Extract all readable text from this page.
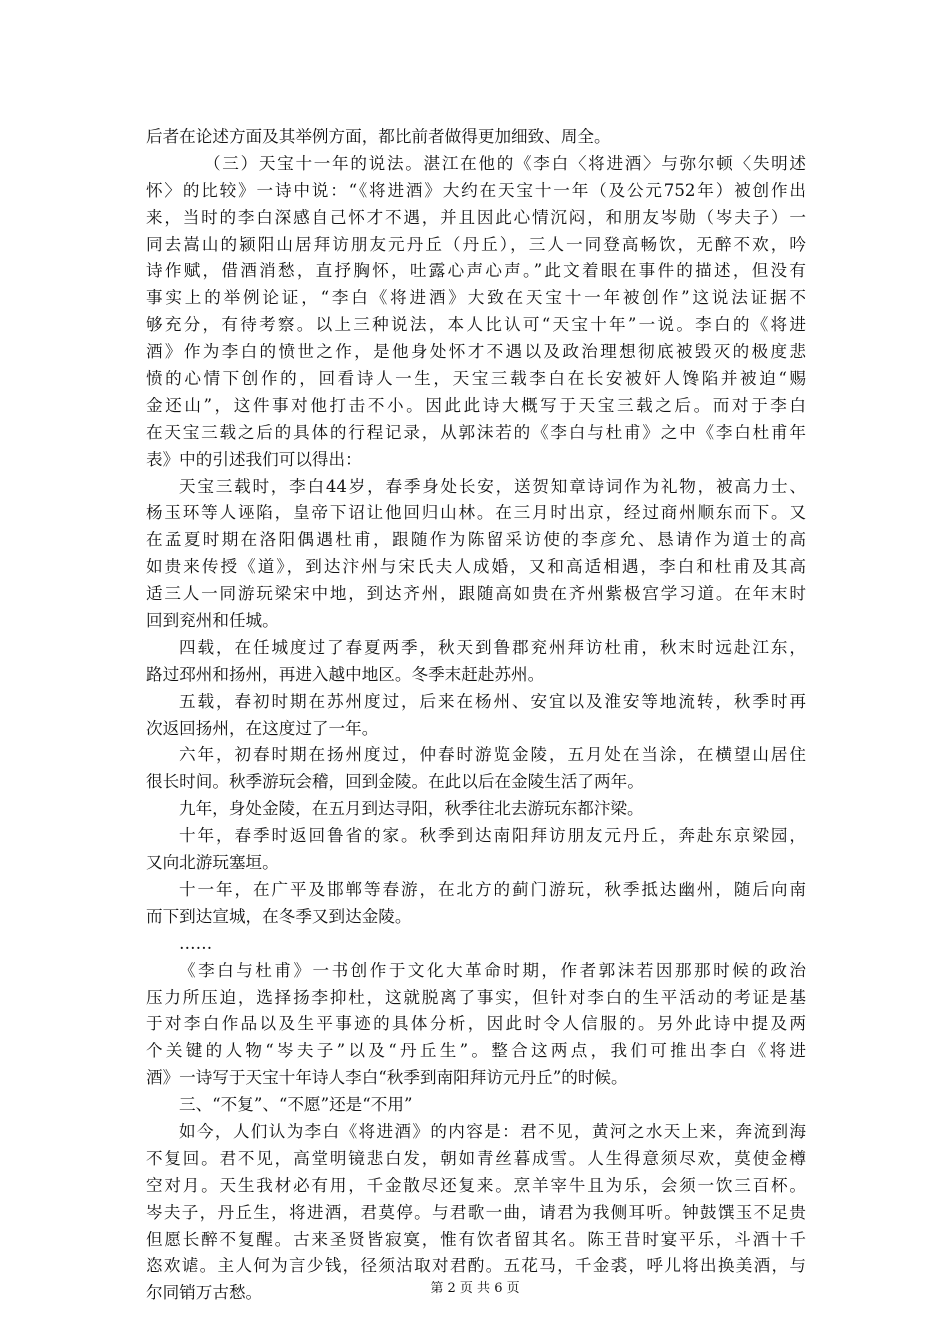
后者在论述方面及其举例方面，都比前者做得更加细致、周全。
（三）天宝十一年的说法。湛江在他的《李白〈将进酒〉与弥尔顿〈失明述
怀〉的比较》一诗中说：“《将进酒》大约在天宝十一年（及公元752年）被创作出
来，当时的李白深感自己怀才不遇，并且因此心情沉闷，和朋友岑勋（岑夫子）一
同去嵩山的颍阳山居拜访朋友元丹丘（丹丘），三人一同登高畅饮，无醉不欢，吟
诗作赋，借酒消愁，直抒胸怀，吐露心声心声。”此文着眼在事件的描述，但没有
事实上的举例论证，“李白《将进酒》大致在天宝十一年被创作”这说法证据不
够充分，有待考察。以上三种说法，本人比认可“天宝十年”一说。李白的《将进
酒》作为李白的愤世之作，是他身处怀才不遇以及政治理想彻底被毁灭的极度悲
愤的心情下创作的，回看诗人一生，天宝三载李白在长安被奸人馋陷并被迫“赐
金还山”，这件事对他打击不小。因此此诗大概写于天宝三载之后。而对于李白
在天宝三载之后的具体的行程记录，从郭沫若的《李白与杜甫》之中《李白杜甫年
表》中的引述我们可以得出：
天宝三载时，李白44岁，春季身处长安，送贺知章诗词作为礼物，被高力士、
杨玉环等人诬陷，皇帝下诏让他回归山林。在三月时出京，经过商州顺东而下。又
在孟夏时期在洛阳偶遇杜甫，跟随作为陈留采访使的李彦允、恳请作为道士的高
如贵来传授《道》，到达汴州与宋氏夫人成婚，又和高适相遇，李白和杜甫及其高
适三人一同游玩梁宋中地，到达齐州，跟随高如贵在齐州紫极宫学习道。在年末时
回到兖州和任城。
四载，在任城度过了春夏两季，秋天到鲁郡兖州拜访杜甫，秋末时远赴江东，
路过邳州和扬州，再进入越中地区。冬季末赶赴苏州。
五载，春初时期在苏州度过，后来在杨州、安宜以及淮安等地流转，秋季时再
次返回扬州，在这度过了一年。
六年，初春时期在扬州度过，仲春时游览金陵，五月处在当涂，在横望山居住
很长时间。秋季游玩会稽，回到金陵。在此以后在金陵生活了两年。
九年，身处金陵，在五月到达寻阳，秋季往北去游玩东都汴梁。
十年，春季时返回鲁省的家。秋季到达南阳拜访朋友元丹丘，奔赴东京梁园，
又向北游玩塞垣。
十一年，在广平及邯郸等春游，在北方的蓟门游玩，秋季抵达幽州，随后向南
而下到达宣城，在冬季又到达金陵。
……
《李白与杜甫》一书创作于文化大革命时期，作者郭沫若因那那时候的政治
压力所压迫，选择扬李抑杜，这就脱离了事实，但针对李白的生平活动的考证是基
于对李白作品以及生平事迹的具体分析，因此时令人信服的。另外此诗中提及两
个关键的人物“岑夫子”以及“丹丘生”。整合这两点，我们可推出李白《将进
酒》一诗写于天宝十年诗人李白“秋季到南阳拜访元丹丘”的时候。
三、“不复”、“不愿”还是“不用”
如今，人们认为李白《将进酒》的内容是：君不见，黄河之水天上来，奔流到海
不复回。君不见，高堂明镜悲白发，朝如青丝暮成雪。人生得意须尽欢，莫使金樽
空对月。天生我材必有用，千金散尽还复来。烹羊宰牛且为乐，会须一饮三百杯。
岑夫子，丹丘生，将进酒，君莫停。与君歌一曲，请君为我侧耳听。钟鼓馔玉不足贵
但愿长醉不复醒。古来圣贤皆寂寞，惟有饮者留其名。陈王昔时宴平乐，斗酒十千
恣欢谑。主人何为言少钱，径须沽取对君酌。五花马，千金裘，呼儿将出换美酒，与
尔同销万古愁。	第 2 页 共 6 页
